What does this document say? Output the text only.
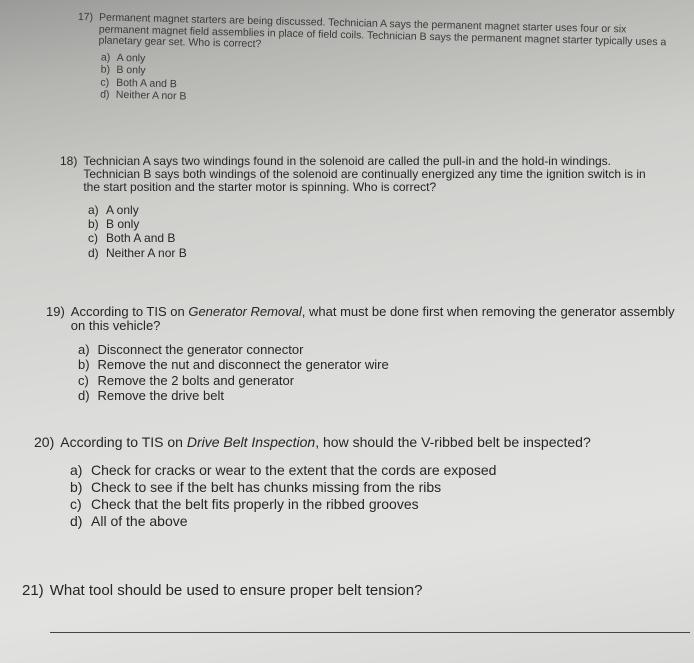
17) Permanent magnet starters are being discussed. Technician A says the permanent magnet starter uses four or six permanent magnet field assemblies in place of field coils. Technician B says the permanent magnet starter typically uses a planetary gear set. Who is correct?
a) A only
b) B only
c) Both A and B
d) Neither A nor B
18) Technician A says two windings found in the solenoid are called the pull-in and the hold-in windings. Technician B says both windings of the solenoid are continually energized any time the ignition switch is in the start position and the starter motor is spinning. Who is correct?
a) A only
b) B only
c) Both A and B
d) Neither A nor B
19) According to TIS on Generator Removal, what must be done first when removing the generator assembly on this vehicle?
a) Disconnect the generator connector
b) Remove the nut and disconnect the generator wire
c) Remove the 2 bolts and generator
d) Remove the drive belt
20) According to TIS on Drive Belt Inspection, how should the V-ribbed belt be inspected?
a) Check for cracks or wear to the extent that the cords are exposed
b) Check to see if the belt has chunks missing from the ribs
c) Check that the belt fits properly in the ribbed grooves
d) All of the above
21) What tool should be used to ensure proper belt tension?
